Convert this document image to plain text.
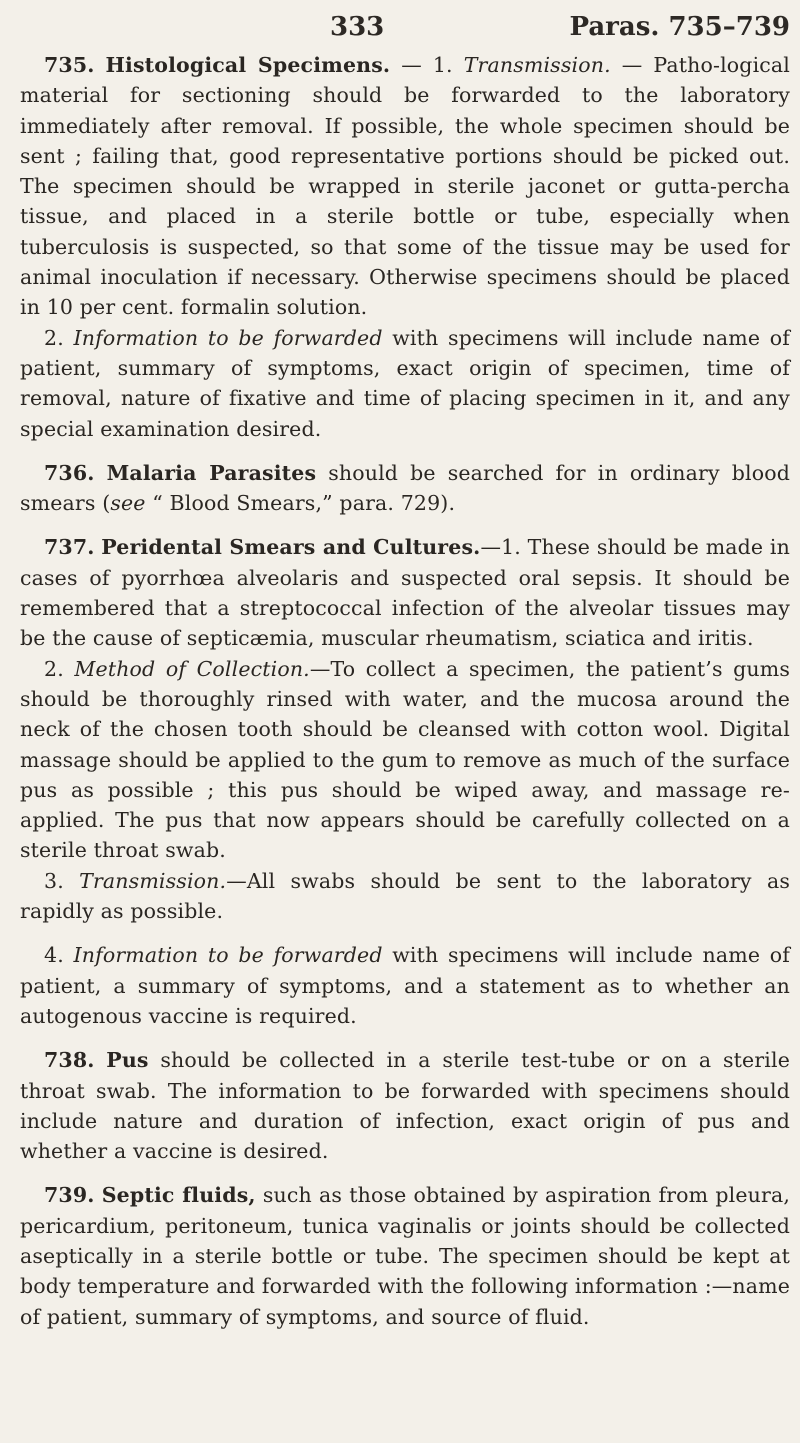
333	Paras. 735–739

735. Histological Specimens. — 1. Transmission. — Patho-logical material for sectioning should be forwarded to the laboratory immediately after removal. If possible, the whole specimen should be sent ; failing that, good representative portions should be picked out. The specimen should be wrapped in sterile jaconet or gutta-percha tissue, and placed in a sterile bottle or tube, especially when tuberculosis is suspected, so that some of the tissue may be used for animal inoculation if necessary. Otherwise specimens should be placed in 10 per cent. formalin solution.

2. Information to be forwarded with specimens will include name of patient, summary of symptoms, exact origin of specimen, time of removal, nature of fixative and time of placing specimen in it, and any special examination desired.

736. Malaria Parasites should be searched for in ordinary blood smears (see “ Blood Smears,” para. 729).

737. Peridental Smears and Cultures.—1. These should be made in cases of pyorrhœa alveolaris and suspected oral sepsis. It should be remembered that a streptococcal infection of the alveolar tissues may be the cause of septicæmia, muscular rheumatism, sciatica and iritis.

2. Method of Collection.—To collect a specimen, the patient’s gums should be thoroughly rinsed with water, and the mucosa around the neck of the chosen tooth should be cleansed with cotton wool. Digital massage should be applied to the gum to remove as much of the surface pus as possible ; this pus should be wiped away, and massage re-applied. The pus that now appears should be carefully collected on a sterile throat swab.

3. Transmission.—All swabs should be sent to the laboratory as rapidly as possible.

4. Information to be forwarded with specimens will include name of patient, a summary of symptoms, and a statement as to whether an autogenous vaccine is required.

738. Pus should be collected in a sterile test-tube or on a sterile throat swab. The information to be forwarded with specimens should include nature and duration of infection, exact origin of pus and whether a vaccine is desired.

739. Septic fluids, such as those obtained by aspiration from pleura, pericardium, peritoneum, tunica vaginalis or joints should be collected aseptically in a sterile bottle or tube. The specimen should be kept at body temperature and forwarded with the following information :—name of patient, summary of symptoms, and source of fluid.
